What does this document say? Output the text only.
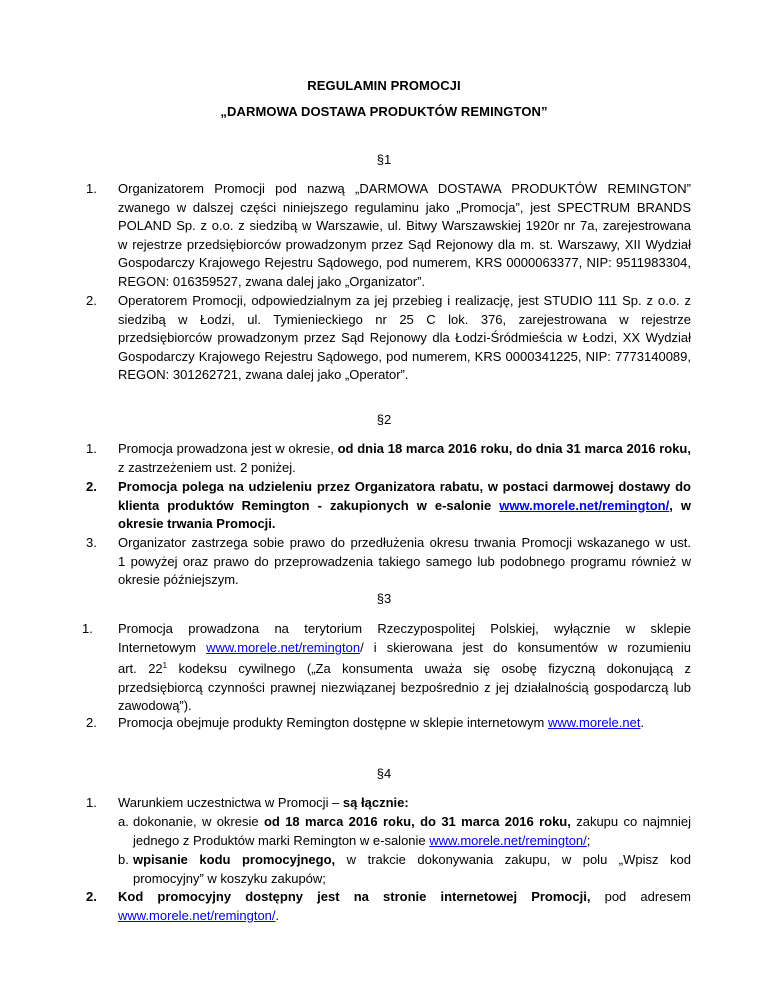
REGULAMIN PROMOCJI
„DARMOWA DOSTAWA PRODUKTÓW REMINGTON”
§1
1.	Organizatorem Promocji pod nazwą „DARMOWA DOSTAWA PRODUKTÓW REMINGTON”
zwanego w dalszej części niniejszego regulaminu jako „Promocja”, jest SPECTRUM BRANDS
POLAND Sp. z o.o. z siedzibą w Warszawie, ul. Bitwy Warszawskiej 1920r nr 7a, zarejestrowana
w rejestrze przedsiębiorców prowadzonym przez Sąd Rejonowy dla m. st. Warszawy, XII Wydział
Gospodarczy Krajowego Rejestru Sądowego, pod numerem, KRS 0000063377, NIP: 9511983304,
REGON: 016359527, zwana dalej jako „Organizator”.
2.	Operatorem Promocji, odpowiedzialnym za jej przebieg i realizację, jest STUDIO 111 Sp. z o.o. z
siedzibą w Łodzi, ul. Tymienieckiego nr 25 C lok. 376, zarejestrowana w rejestrze
przedsiębiorców prowadzonym przez Sąd Rejonowy dla Łodzi-Śródmieścia w Łodzi, XX Wydział
Gospodarczy Krajowego Rejestru Sądowego, pod numerem, KRS 0000341225, NIP: 7773140089,
REGON: 301262721, zwana dalej jako „Operator”.
§2
1.	Promocja prowadzona jest w okresie, od dnia 18 marca 2016 roku, do dnia 31 marca 2016 roku,
z zastrzeżeniem ust. 2 poniżej.
2.	Promocja polega na udzieleniu przez Organizatora rabatu, w postaci darmowej dostawy do
klienta produktów Remington - zakupionych w e-salonie www.morele.net/remington/, w
okresie trwania Promocji.
3.	Organizator zastrzega sobie prawo do przedłużenia okresu trwania Promocji wskazanego w ust.
1 powyżej oraz prawo do przeprowadzenia takiego samego lub podobnego programu również w
okresie późniejszym.
§3
1.	Promocja prowadzona na terytorium Rzeczypospolitej Polskiej, wyłącznie w sklepie
Internetowym www.morele.net/remington/ i skierowana jest do konsumentów w rozumieniu
art. $22^1$ kodeksu cywilnego („Za konsumenta uważa się osobę fizyczną dokonującą z
przedsiębiorcą czynności prawnej niezwiązanej bezpośrednio z jej działalnością gospodarczą lub
zawodową”).
2.	Promocja obejmuje produkty Remington dostępne w sklepie internetowym www.morele.net.
§4
1.	Warunkiem uczestnictwa w Promocji – są łącznie:
a. dokonanie, w okresie od 18 marca 2016 roku, do 31 marca 2016 roku, zakupu co najmniej
jednego z Produktów marki Remington w e-salonie www.morele.net/remington/;
b. wpisanie kodu promocyjnego, w trakcie dokonywania zakupu, w polu „Wpisz kod
promocyjny” w koszyku zakupów;
2.	Kod promocyjny dostępny jest na stronie internetowej Promocji, pod adresem
www.morele.net/remington/.
